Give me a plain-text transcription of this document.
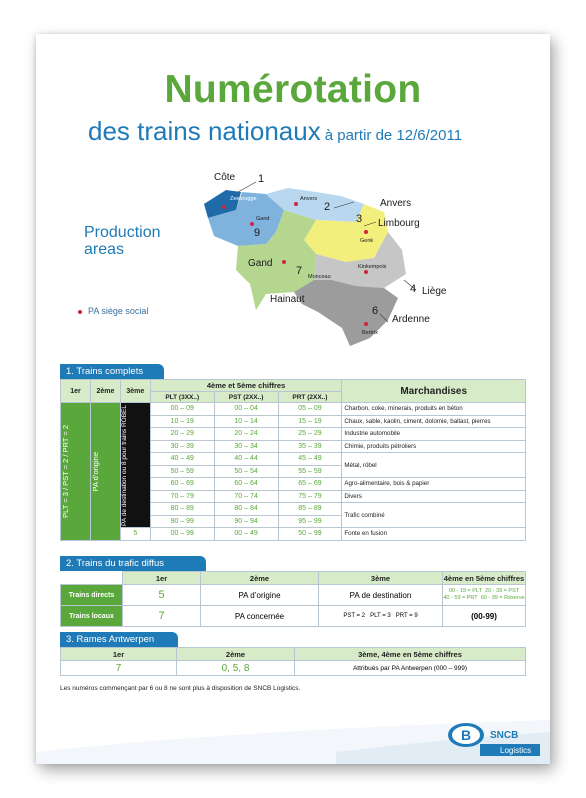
Numérotation
des trains nationaux à partir de 12/6/2011
Production areas
Côte 1
Zeebrugge
Gand
Anvers
2	Anvers
3 Limbourg
Genk
9
Gand
7 Monceau
Hainaut
Kinkempois
4 Liège
6
Ardenne
Bertrix
PA siège social
1. Trains complets
1er	2ème	3ème	4ème et 5ème chiffres			Marchandises
			PLT (3XX..)	PST (2XX..)	PRT (2XX..)	

PLT = 3 / PST = 2 / PRT = 2	PA d’origine	PA de destination ou 8 pour trains RÖBEL	00 – 09	00 – 04	05 – 09	Charbon, coke, minerais, produits en béton
			10 – 19	10 – 14	15 – 19	Chaux, sable, kaolin, ciment, dolomie, ballast, pierres
			20 – 29	20 – 24	25 – 29	Industrie automobile
			30 – 39	30 – 34	35 – 39	Chimie, produits pétroliers
			40 – 49	40 – 44	45 – 49	Métal, röbel
			50 – 59	50 – 54	55 – 59	
			60 – 69	60 – 64	65 – 69	Agro-alimentaire, bois & papier
			70 – 79	70 – 74	75 – 79	Divers
			80 – 89	80 – 84	85 – 89	Trafic combiné
			90 – 99	90 – 94	95 – 99	
		5	00 – 99	00 – 49	50 – 99	Fonte en fusion
2. Trains du trafic diffus
	1er	2ème	3ème	4ème en 5ème chiffres
Trains directs	5	PA d’origine	PA de destination	00 - 19 = PLT 20 - 39 = PST
40 - 59 = PRT 60 - 99 = Réserve
Trains locaux	7	PA concernée	PST = 2 PLT = 3 PRT = 9	(00-99)
3. Rames Antwerpen
1er	2ème	3ème, 4ème en 5ème chiffres
7	0, 5, 8	Attribués par PA Antwerpen (000 – 999)
Les numéros commençant par 6 ou 8 ne sont plus à disposition de SNCB Logistics.
B SNCB
Logistics
